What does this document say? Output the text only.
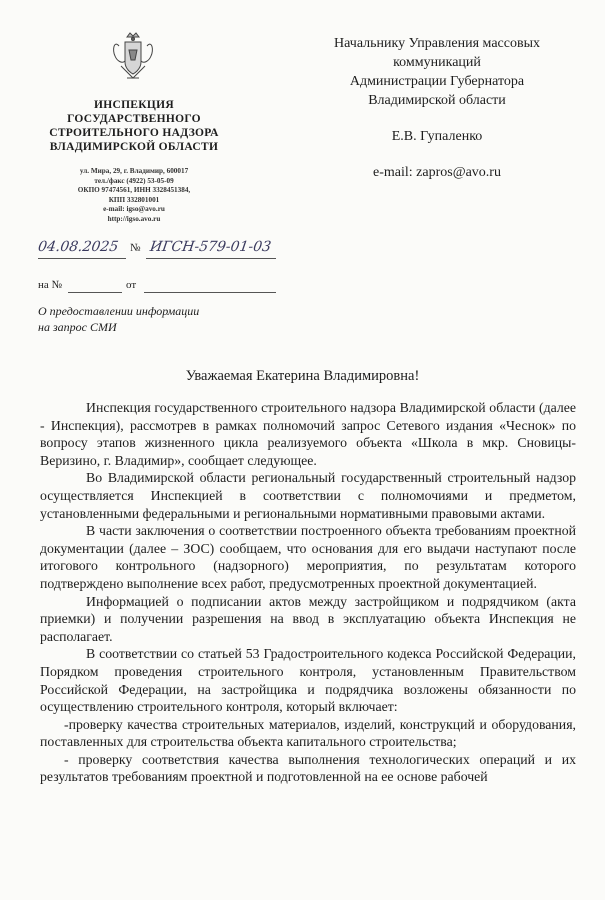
ИНСПЕКЦИЯ
ГОСУДАРСТВЕННОГО
СТРОИТЕЛЬНОГО НАДЗОРА
ВЛАДИМИРСКОЙ ОБЛАСТИ
ул. Мира, 29, г. Владимир, 600017
тел./факс (4922) 53-05-09
ОКПО 97474561, ИНН 3328451384,
КПП 332801001
e-mail: igso@avo.ru
http://igso.avo.ru
Начальнику Управления массовых
коммуникаций
Администрации Губернатора
Владимирской области
Е.В. Гупаленко
e-mail: zapros@avo.ru
04.08.2025 № ИГСН-579-01-03
на №	от
О предоставлении информации
на запрос СМИ
Уважаемая Екатерина Владимировна!

Инспекция государственного строительного надзора Владимирской области (далее - Инспекция), рассмотрев в рамках полномочий запрос Сетевого издания «Чеснок» по вопросу этапов жизненного цикла реализуемого объекта «Школа в мкр. Сновицы-Веризино, г. Владимир», сообщает следующее.

Во Владимирской области региональный государственный строительный надзор осуществляется Инспекцией в соответствии с полномочиями и предметом, установленными федеральными и региональными нормативными правовыми актами.

В части заключения о соответствии построенного объекта требованиям проектной документации (далее – ЗОС) сообщаем, что основания для его выдачи наступают после итогового контрольного (надзорного) мероприятия, по результатам которого подтверждено выполнение всех работ, предусмотренных проектной документацией.

Информацией о подписании актов между застройщиком и подрядчиком (акта приемки) и получении разрешения на ввод в эксплуатацию объекта Инспекция не располагает.

В соответствии со статьей 53 Градостроительного кодекса Российской Федерации, Порядком проведения строительного контроля, установленным Правительством Российской Федерации, на застройщика и подрядчика возложены обязанности по осуществлению строительного контроля, который включает:

-проверку качества строительных материалов, изделий, конструкций и оборудования, поставленных для строительства объекта капитального строительства;

- проверку соответствия качества выполнения технологических операций и их результатов требованиям проектной и подготовленной на ее основе рабочей
